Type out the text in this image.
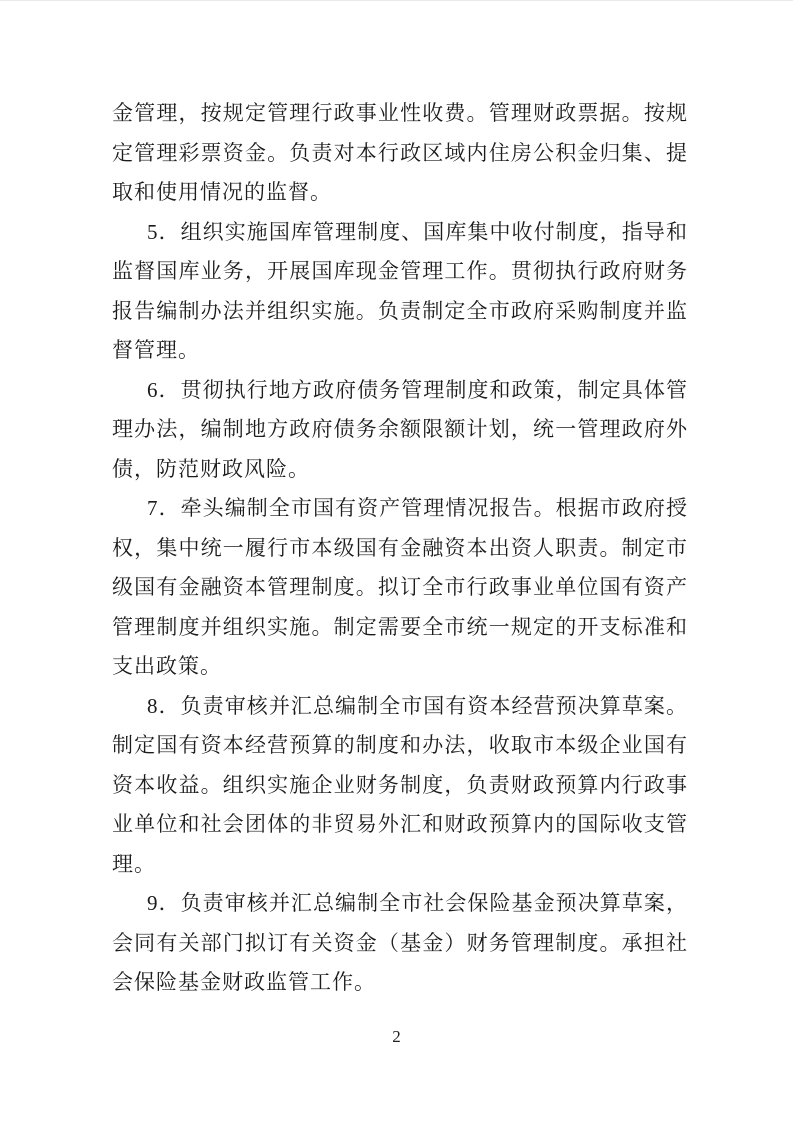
金管理，按规定管理行政事业性收费。管理财政票据。按规定管理彩票资金。负责对本行政区域内住房公积金归集、提取和使用情况的监督。

5．组织实施国库管理制度、国库集中收付制度，指导和监督国库业务，开展国库现金管理工作。贯彻执行政府财务报告编制办法并组织实施。负责制定全市政府采购制度并监督管理。

6．贯彻执行地方政府债务管理制度和政策，制定具体管理办法，编制地方政府债务余额限额计划，统一管理政府外债，防范财政风险。

7．牵头编制全市国有资产管理情况报告。根据市政府授权，集中统一履行市本级国有金融资本出资人职责。制定市级国有金融资本管理制度。拟订全市行政事业单位国有资产管理制度并组织实施。制定需要全市统一规定的开支标准和支出政策。

8．负责审核并汇总编制全市国有资本经营预决算草案。制定国有资本经营预算的制度和办法，收取市本级企业国有资本收益。组织实施企业财务制度，负责财政预算内行政事业单位和社会团体的非贸易外汇和财政预算内的国际收支管理。

9．负责审核并汇总编制全市社会保险基金预决算草案，会同有关部门拟订有关资金（基金）财务管理制度。承担社会保险基金财政监管工作。

2
